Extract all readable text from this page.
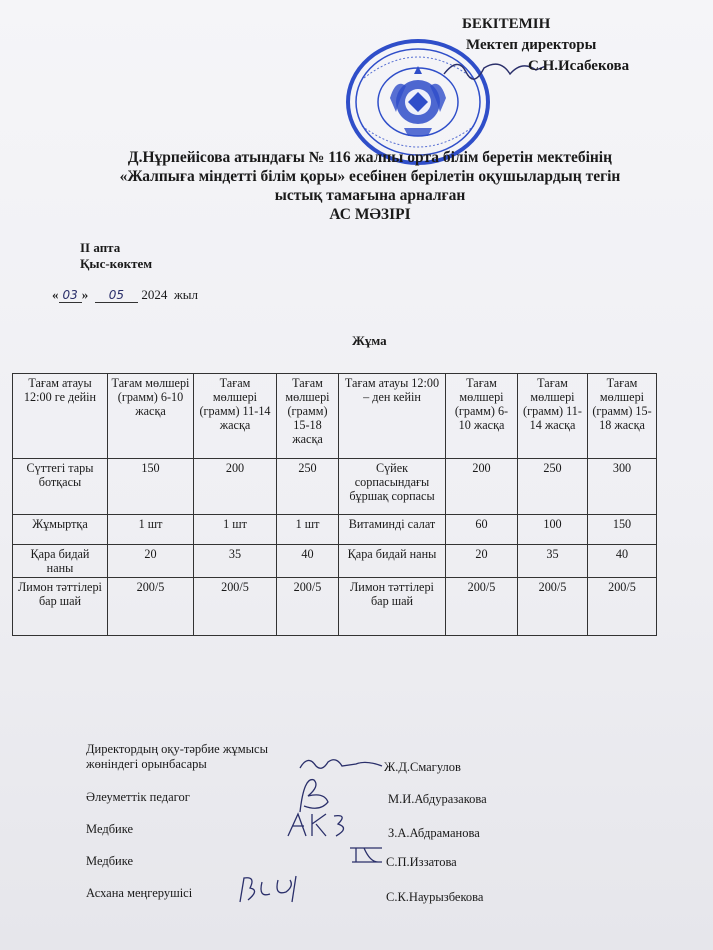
БЕКІТЕМІН
Мектеп директоры
С.Н.Исабекова
Д.Нұрпейісова атындағы № 116 жалпы орта білім беретін мектебінің
«Жалпыға міндетті білім қоры» есебінен берілетін оқушылардың тегін
ыстық тамағына арналған
АС МӘЗІРІ
ІІ апта
Қыс-көктем
« 03 » 05 2024 жыл
Жұма
Тағам атауы 12:00 ге дейін	Тағам мөлшері (грамм) 6-10 жасқа	Тағам мөлшері (грамм) 11-14 жасқа	Тағам мөлшері (грамм) 15-18 жасқа	Тағам атауы 12:00 – ден кейін	Тағам мөлшері (грамм) 6-10 жасқа	Тағам мөлшері (грамм) 11-14 жасқа	Тағам мөлшері (грамм) 15-18 жасқа
Сүттегі тары ботқасы	150	200	250	Сүйек сорпасындағы бұршақ сорпасы	200	250	300
Жұмыртқа	1 шт	1 шт	1 шт	Витаминді салат	60	100	150
Қара бидай наны	20	35	40	Қара бидай наны	20	35	40
Лимон тәттілері бар шай	200/5	200/5	200/5	Лимон тәттілері бар шай	200/5	200/5	200/5
Директордың оқу-тәрбие жұмысы
жөніндегі орынбасары	Ж.Д.Смагулов
Әлеуметтік педагог	М.И.Абдуразакова
Медбике	З.А.Абдраманова
Медбике	С.П.Иззатова
Асхана меңгерушісі	С.К.Наурызбекова
